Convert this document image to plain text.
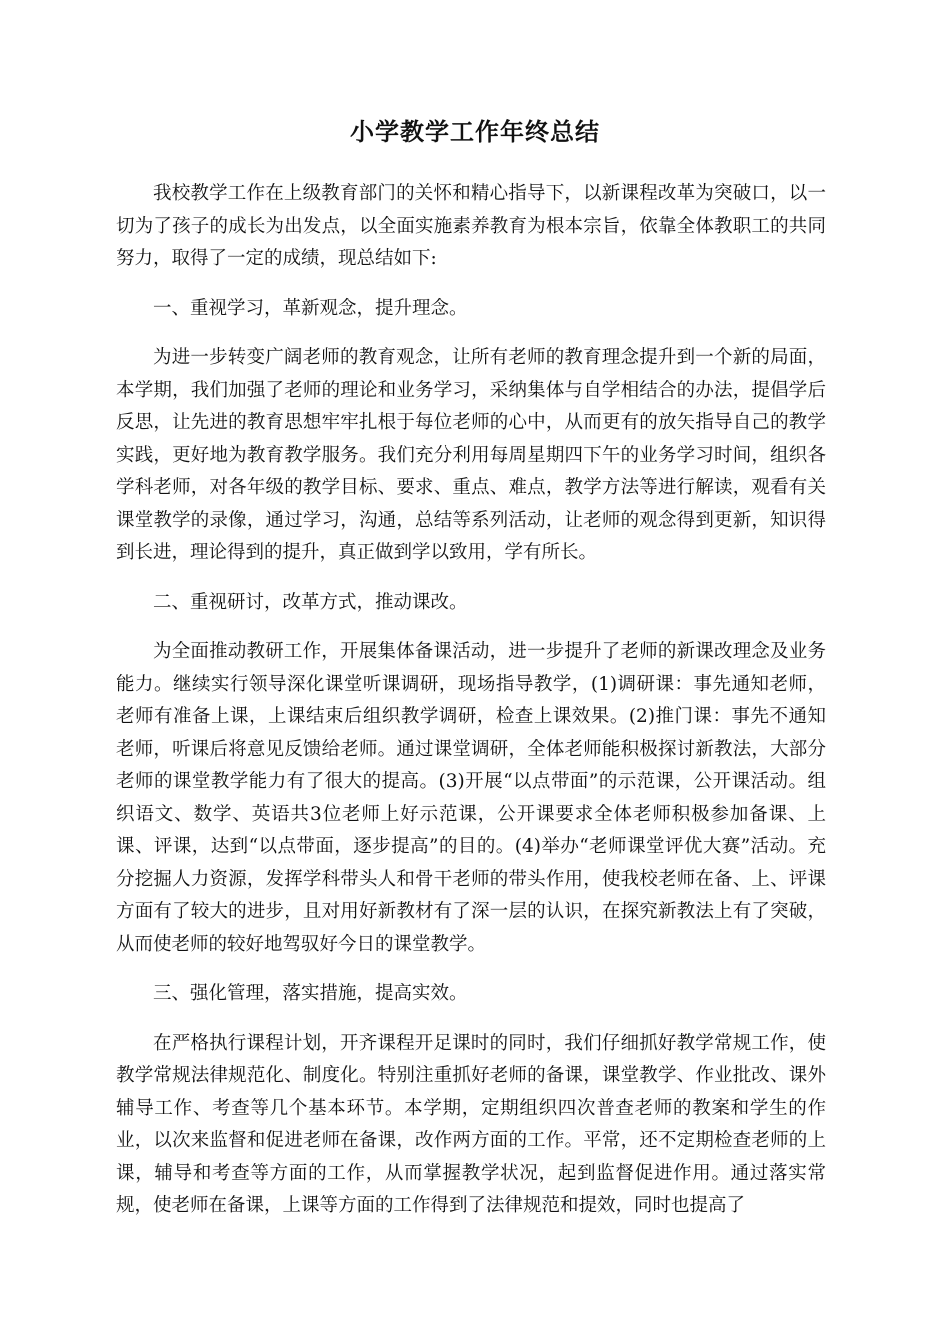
小学教学工作年终总结

我校教学工作在上级教育部门的关怀和精心指导下，以新课程改革为突破口，以一切为了孩子的成长为出发点，以全面实施素养教育为根本宗旨，依靠全体教职工的共同努力，取得了一定的成绩，现总结如下:

一、重视学习，革新观念，提升理念。

为进一步转变广阔老师的教育观念，让所有老师的教育理念提升到一个新的局面，本学期，我们加强了老师的理论和业务学习，采纳集体与自学相结合的办法，提倡学后反思，让先进的教育思想牢牢扎根于每位老师的心中，从而更有的放矢指导自己的教学实践，更好地为教育教学服务。我们充分利用每周星期四下午的业务学习时间，组织各学科老师，对各年级的教学目标、要求、重点、难点，教学方法等进行解读，观看有关课堂教学的录像，通过学习，沟通，总结等系列活动，让老师的观念得到更新，知识得到长进，理论得到的提升，真正做到学以致用，学有所长。

二、重视研讨，改革方式，推动课改。

为全面推动教研工作，开展集体备课活动，进一步提升了老师的新课改理念及业务能力。继续实行领导深化课堂听课调研，现场指导教学，(1)调研课：事先通知老师，老师有准备上课，上课结束后组织教学调研，检查上课效果。(2)推门课：事先不通知老师，听课后将意见反馈给老师。通过课堂调研，全体老师能积极探讨新教法，大部分老师的课堂教学能力有了很大的提高。(3)开展“以点带面”的示范课，公开课活动。组织语文、数学、英语共3位老师上好示范课，公开课要求全体老师积极参加备课、上课、评课，达到“以点带面，逐步提高”的目的。(4)举办“老师课堂评优大赛”活动。充分挖掘人力资源，发挥学科带头人和骨干老师的带头作用，使我校老师在备、上、评课方面有了较大的进步，且对用好新教材有了深一层的认识，在探究新教法上有了突破，从而使老师的较好地驾驭好今日的课堂教学。

三、强化管理，落实措施，提高实效。

在严格执行课程计划，开齐课程开足课时的同时，我们仔细抓好教学常规工作，使教学常规法律规范化、制度化。特别注重抓好老师的备课，课堂教学、作业批改、课外辅导工作、考查等几个基本环节。本学期，定期组织四次普查老师的教案和学生的作业，以次来监督和促进老师在备课，改作两方面的工作。平常，还不定期检查老师的上课，辅导和考查等方面的工作，从而掌握教学状况，起到监督促进作用。通过落实常规，使老师在备课，上课等方面的工作得到了法律规范和提效，同时也提高了
